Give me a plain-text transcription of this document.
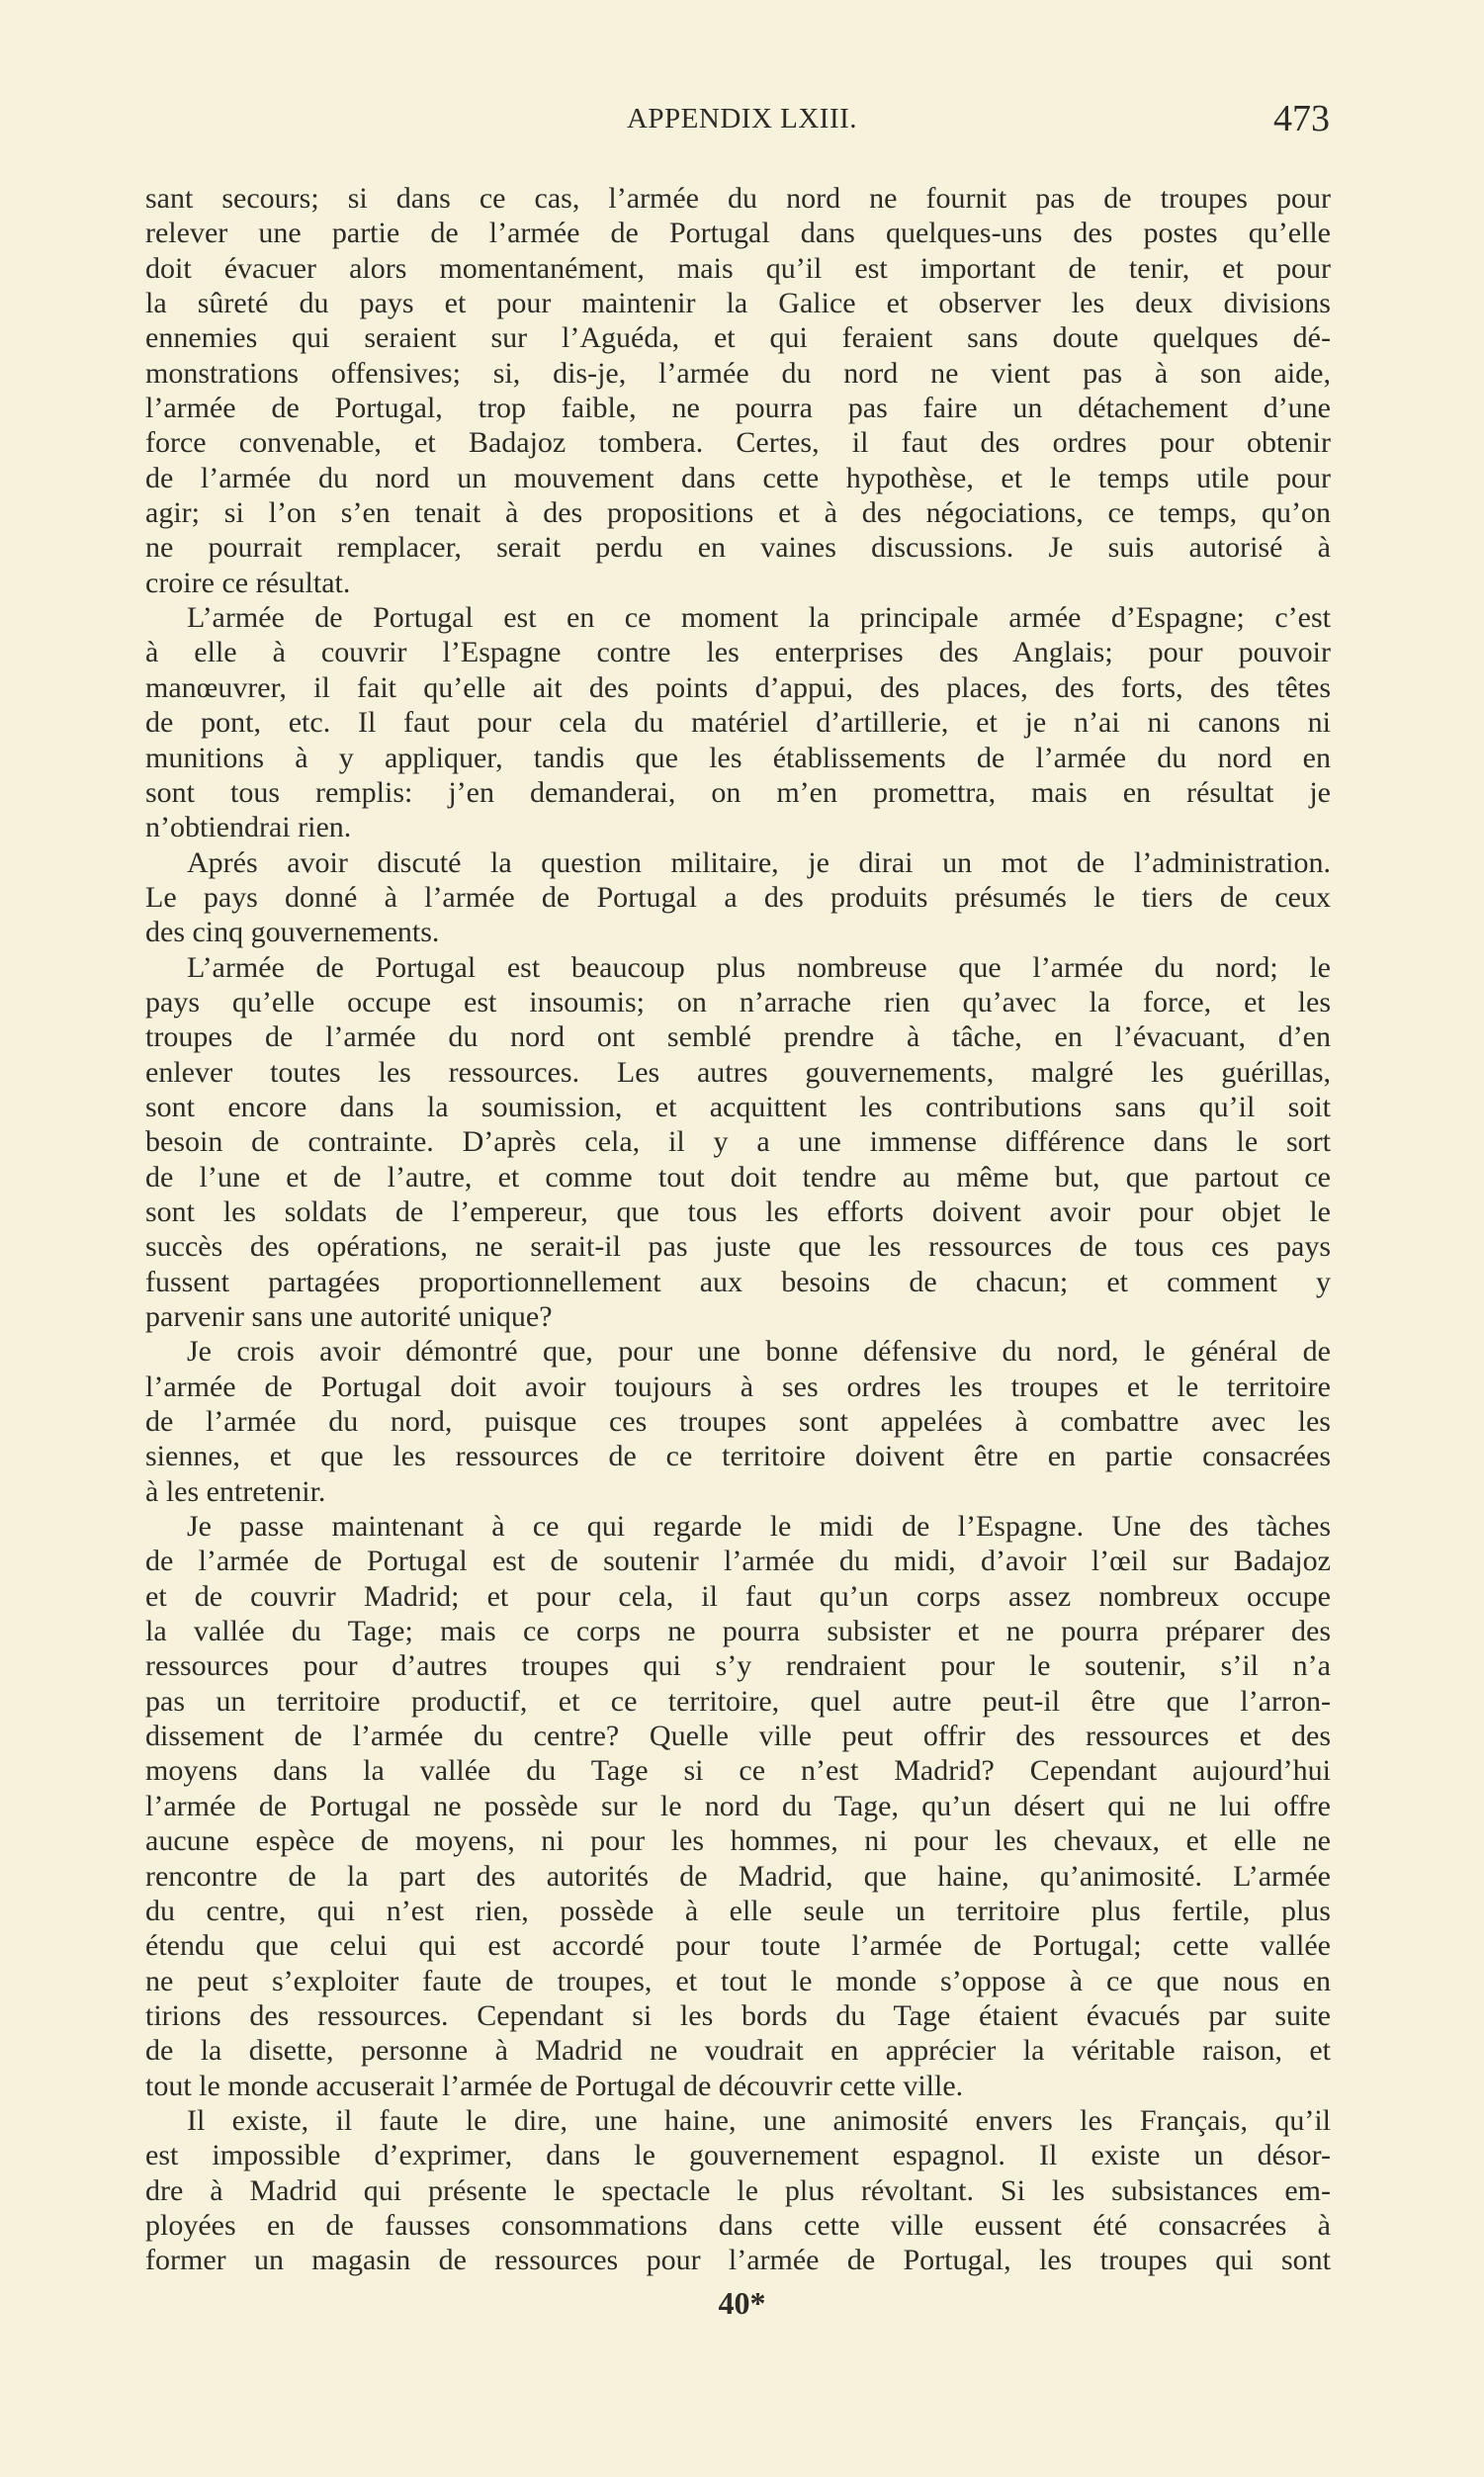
APPENDIX LXIII.	473
sant secours; si dans ce cas, l’armée du nord ne fournit pas de troupes pour
relever une partie de l’armée de Portugal dans quelques-uns des postes qu’elle
doit évacuer alors momentanément, mais qu’il est important de tenir, et pour
la sûreté du pays et pour maintenir la Galice et observer les deux divisions
ennemies qui seraient sur l’Aguéda, et qui feraient sans doute quelques dé-
monstrations offensives; si, dis-je, l’armée du nord ne vient pas à son aide,
l’armée de Portugal, trop faible, ne pourra pas faire un détachement d’une
force convenable, et Badajoz tombera. Certes, il faut des ordres pour obtenir
de l’armée du nord un mouvement dans cette hypothèse, et le temps utile pour
agir; si l’on s’en tenait à des propositions et à des négociations, ce temps, qu’on
ne pourrait remplacer, serait perdu en vaines discussions. Je suis autorisé à
croire ce résultat.
L’armée de Portugal est en ce moment la principale armée d’Espagne; c’est
à elle à couvrir l’Espagne contre les enterprises des Anglais; pour pouvoir
manœuvrer, il fait qu’elle ait des points d’appui, des places, des forts, des têtes
de pont, etc. Il faut pour cela du matériel d’artillerie, et je n’ai ni canons ni
munitions à y appliquer, tandis que les établissements de l’armée du nord en
sont tous remplis: j’en demanderai, on m’en promettra, mais en résultat je
n’obtiendrai rien.
Aprés avoir discuté la question militaire, je dirai un mot de l’administration.
Le pays donné à l’armée de Portugal a des produits présumés le tiers de ceux
des cinq gouvernements.
L’armée de Portugal est beaucoup plus nombreuse que l’armée du nord; le
pays qu’elle occupe est insoumis; on n’arrache rien qu’avec la force, et les
troupes de l’armée du nord ont semblé prendre à tâche, en l’évacuant, d’en
enlever toutes les ressources. Les autres gouvernements, malgré les guérillas,
sont encore dans la soumission, et acquittent les contributions sans qu’il soit
besoin de contrainte. D’après cela, il y a une immense différence dans le sort
de l’une et de l’autre, et comme tout doit tendre au même but, que partout ce
sont les soldats de l’empereur, que tous les efforts doivent avoir pour objet le
succès des opérations, ne serait-il pas juste que les ressources de tous ces pays
fussent partagées proportionnellement aux besoins de chacun; et comment y
parvenir sans une autorité unique?
Je crois avoir démontré que, pour une bonne défensive du nord, le général de
l’armée de Portugal doit avoir toujours à ses ordres les troupes et le territoire
de l’armée du nord, puisque ces troupes sont appelées à combattre avec les
siennes, et que les ressources de ce territoire doivent être en partie consacrées
à les entretenir.
Je passe maintenant à ce qui regarde le midi de l’Espagne. Une des tàches
de l’armée de Portugal est de soutenir l’armée du midi, d’avoir l’œil sur Badajoz
et de couvrir Madrid; et pour cela, il faut qu’un corps assez nombreux occupe
la vallée du Tage; mais ce corps ne pourra subsister et ne pourra préparer des
ressources pour d’autres troupes qui s’y rendraient pour le soutenir, s’il n’a
pas un territoire productif, et ce territoire, quel autre peut-il être que l’arron-
dissement de l’armée du centre? Quelle ville peut offrir des ressources et des
moyens dans la vallée du Tage si ce n’est Madrid? Cependant aujourd’hui
l’armée de Portugal ne possède sur le nord du Tage, qu’un désert qui ne lui offre
aucune espèce de moyens, ni pour les hommes, ni pour les chevaux, et elle ne
rencontre de la part des autorités de Madrid, que haine, qu’animosité. L’armée
du centre, qui n’est rien, possède à elle seule un territoire plus fertile, plus
étendu que celui qui est accordé pour toute l’armée de Portugal; cette vallée
ne peut s’exploiter faute de troupes, et tout le monde s’oppose à ce que nous en
tirions des ressources. Cependant si les bords du Tage étaient évacués par suite
de la disette, personne à Madrid ne voudrait en apprécier la véritable raison, et
tout le monde accuserait l’armée de Portugal de découvrir cette ville.
Il existe, il faute le dire, une haine, une animosité envers les Français, qu’il
est impossible d’exprimer, dans le gouvernement espagnol. Il existe un désor-
dre à Madrid qui présente le spectacle le plus révoltant. Si les subsistances em-
ployées en de fausses consommations dans cette ville eussent été consacrées à
former un magasin de ressources pour l’armée de Portugal, les troupes qui sont
40*
